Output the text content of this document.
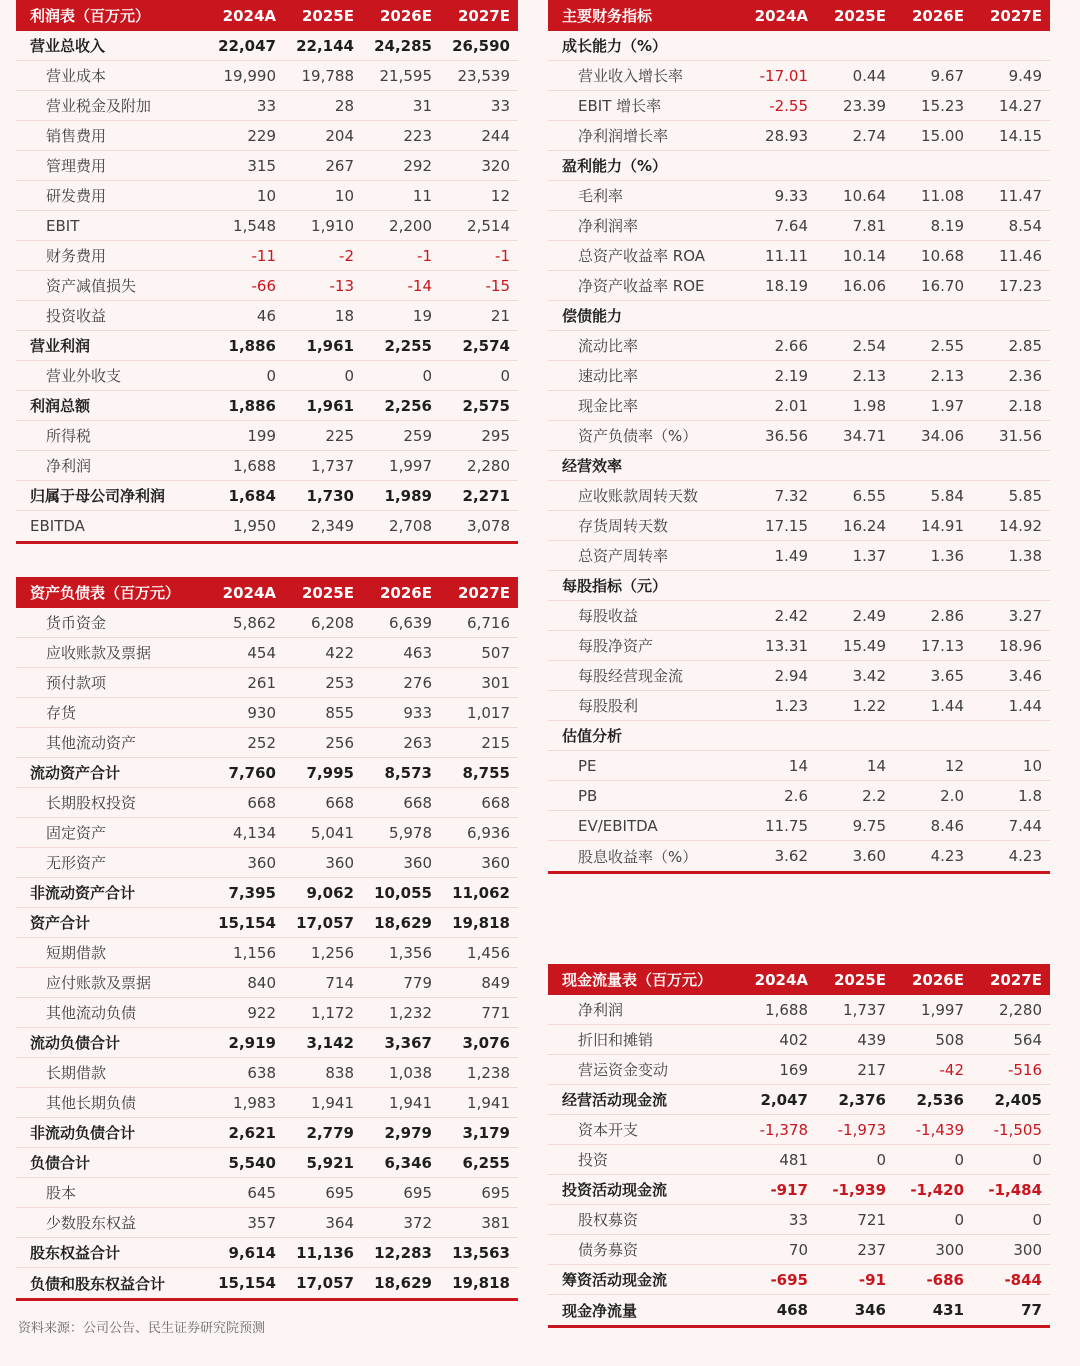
利润表（百万元）	2024A	2025E	2026E	2027E
营业总收入	22,047	22,144	24,285	26,590
营业成本	19,990	19,788	21,595	23,539
营业税金及附加	33	28	31	33
销售费用	229	204	223	244
管理费用	315	267	292	320
研发费用	10	10	11	12
EBIT	1,548	1,910	2,200	2,514
财务费用	-11	-2	-1	-1
资产减值损失	-66	-13	-14	-15
投资收益	46	18	19	21
营业利润	1,886	1,961	2,255	2,574
营业外收支	0	0	0	0
利润总额	1,886	1,961	2,256	2,575
所得税	199	225	259	295
净利润	1,688	1,737	1,997	2,280
归属于母公司净利润	1,684	1,730	1,989	2,271
EBITDA	1,950	2,349	2,708	3,078
资产负债表（百万元）	2024A	2025E	2026E	2027E
货币资金	5,862	6,208	6,639	6,716
应收账款及票据	454	422	463	507
预付款项	261	253	276	301
存货	930	855	933	1,017
其他流动资产	252	256	263	215
流动资产合计	7,760	7,995	8,573	8,755
长期股权投资	668	668	668	668
固定资产	4,134	5,041	5,978	6,936
无形资产	360	360	360	360
非流动资产合计	7,395	9,062	10,055	11,062
资产合计	15,154	17,057	18,629	19,818
短期借款	1,156	1,256	1,356	1,456
应付账款及票据	840	714	779	849
其他流动负债	922	1,172	1,232	771
流动负债合计	2,919	3,142	3,367	3,076
长期借款	638	838	1,038	1,238
其他长期负债	1,983	1,941	1,941	1,941
非流动负债合计	2,621	2,779	2,979	3,179
负债合计	5,540	5,921	6,346	6,255
股本	645	695	695	695
少数股东权益	357	364	372	381
股东权益合计	9,614	11,136	12,283	13,563
负债和股东权益合计	15,154	17,057	18,629	19,818
资料来源：公司公告、民生证券研究院预测
主要财务指标	2024A	2025E	2026E	2027E
成长能力（%）
营业收入增长率	-17.01	0.44	9.67	9.49
EBIT 增长率	-2.55	23.39	15.23	14.27
净利润增长率	28.93	2.74	15.00	14.15
盈利能力（%）
毛利率	9.33	10.64	11.08	11.47
净利润率	7.64	7.81	8.19	8.54
总资产收益率 ROA	11.11	10.14	10.68	11.46
净资产收益率 ROE	18.19	16.06	16.70	17.23
偿债能力
流动比率	2.66	2.54	2.55	2.85
速动比率	2.19	2.13	2.13	2.36
现金比率	2.01	1.98	1.97	2.18
资产负债率（%）	36.56	34.71	34.06	31.56
经营效率
应收账款周转天数	7.32	6.55	5.84	5.85
存货周转天数	17.15	16.24	14.91	14.92
总资产周转率	1.49	1.37	1.36	1.38
每股指标（元）
每股收益	2.42	2.49	2.86	3.27
每股净资产	13.31	15.49	17.13	18.96
每股经营现金流	2.94	3.42	3.65	3.46
每股股利	1.23	1.22	1.44	1.44
估值分析
PE	14	14	12	10
PB	2.6	2.2	2.0	1.8
EV/EBITDA	11.75	9.75	8.46	7.44
股息收益率（%）	3.62	3.60	4.23	4.23
现金流量表（百万元）	2024A	2025E	2026E	2027E
净利润	1,688	1,737	1,997	2,280
折旧和摊销	402	439	508	564
营运资金变动	169	217	-42	-516
经营活动现金流	2,047	2,376	2,536	2,405
资本开支	-1,378	-1,973	-1,439	-1,505
投资	481	0	0	0
投资活动现金流	-917	-1,939	-1,420	-1,484
股权募资	33	721	0	0
债务募资	70	237	300	300
筹资活动现金流	-695	-91	-686	-844
现金净流量	468	346	431	77
